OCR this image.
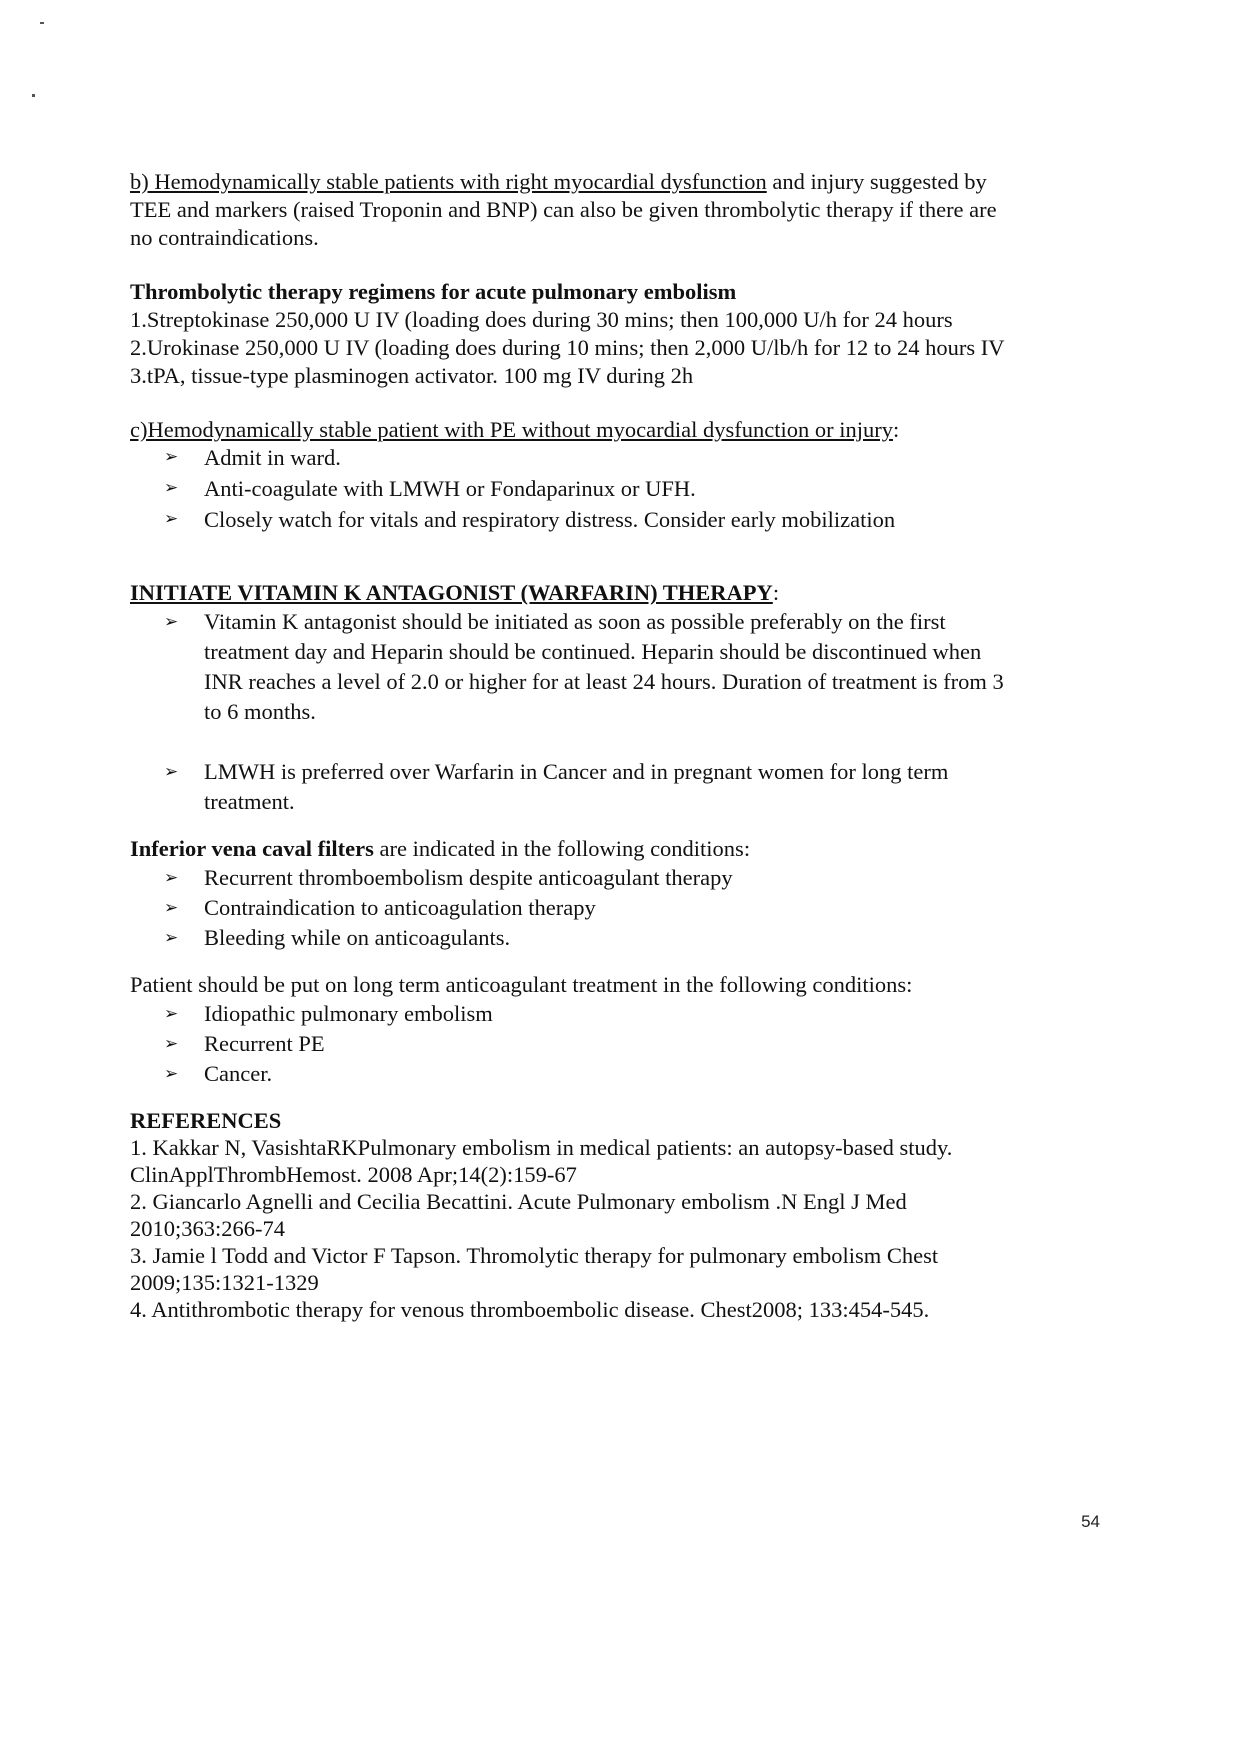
b) Hemodynamically stable patients with right myocardial dysfunction and injury suggested by

TEE and markers (raised Troponin and BNP) can also be given thrombolytic therapy if there are

no contraindications.

Thrombolytic therapy regimens for acute pulmonary embolism

1.Streptokinase 250,000 U IV (loading does during 30 mins; then 100,000 U/h for 24 hours

2.Urokinase 250,000 U IV (loading does during 10 mins; then 2,000 U/lb/h for 12 to 24 hours IV

3.tPA, tissue-type plasminogen activator. 100 mg IV during 2h

c)Hemodynamically stable patient with PE without myocardial dysfunction or injury:

➢ Admit in ward.
➢ Anti-coagulate with LMWH or Fondaparinux or UFH.
➢ Closely watch for vitals and respiratory distress. Consider early mobilization

INITIATE VITAMIN K ANTAGONIST (WARFARIN) THERAPY:

➢ Vitamin K antagonist should be initiated as soon as possible preferably on the first
treatment day and Heparin should be continued. Heparin should be discontinued when
INR reaches a level of 2.0 or higher for at least 24 hours. Duration of treatment is from 3
to 6 months.
➢ LMWH is preferred over Warfarin in Cancer and in pregnant women for long term
treatment.

Inferior vena caval filters are indicated in the following conditions:

➢ Recurrent thromboembolism despite anticoagulant therapy
➢ Contraindication to anticoagulation therapy
➢ Bleeding while on anticoagulants.

Patient should be put on long term anticoagulant treatment in the following conditions:

➢ Idiopathic pulmonary embolism
➢ Recurrent PE
➢ Cancer.

REFERENCES

1. Kakkar N, VasishtaRKPulmonary embolism in medical patients: an autopsy-based study.

ClinApplThrombHemost. 2008 Apr;14(2):159-67

2. Giancarlo Agnelli and Cecilia Becattini. Acute Pulmonary embolism .N Engl J Med

2010;363:266-74

3. Jamie l Todd and Victor F Tapson. Thromolytic therapy for pulmonary embolism Chest

2009;135:1321-1329

4. Antithrombotic therapy for venous thromboembolic disease. Chest2008; 133:454-545.

54
